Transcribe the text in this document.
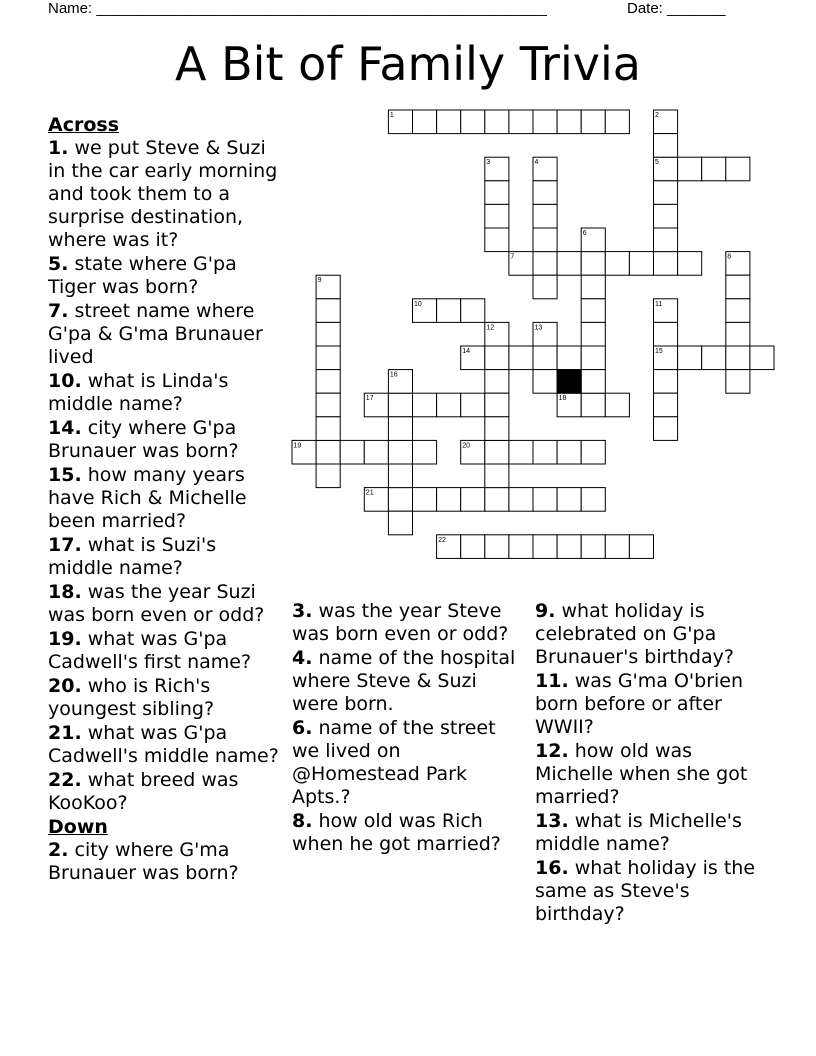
Name: ______________________________________________________	Date: _______
A Bit of Family Trivia
1
5
7
10
14	15
17	18
19	20
21
22
2
3	4
6
8
9
11
12	13
16
Across
1. we put Steve & Suzi in the car early morning and took them to a surprise destination, where was it?
5. state where G'pa Tiger was born?
7. street name where G'pa & G'ma Brunauer lived
10. what is Linda's middle name?
14. city where G'pa Brunauer was born?
15. how many years have Rich & Michelle been married?
17. what is Suzi's middle name?
18. was the year Suzi was born even or odd?
19. what was G'pa Cadwell's first name?
20. who is Rich's youngest sibling?
21. what was G'pa Cadwell's middle name?
22. what breed was KooKoo?
Down
2. city where G'ma Brunauer was born?
3. was the year Steve was born even or odd?
4. name of the hospital where Steve & Suzi were born.
6. name of the street we lived on @Homestead Park Apts.?
8. how old was Rich when he got married?
9. what holiday is celebrated on G'pa Brunauer's birthday?
11. was G'ma O'brien born before or after WWII?
12. how old was Michelle when she got married?
13. what is Michelle's middle name?
16. what holiday is the same as Steve's birthday?
